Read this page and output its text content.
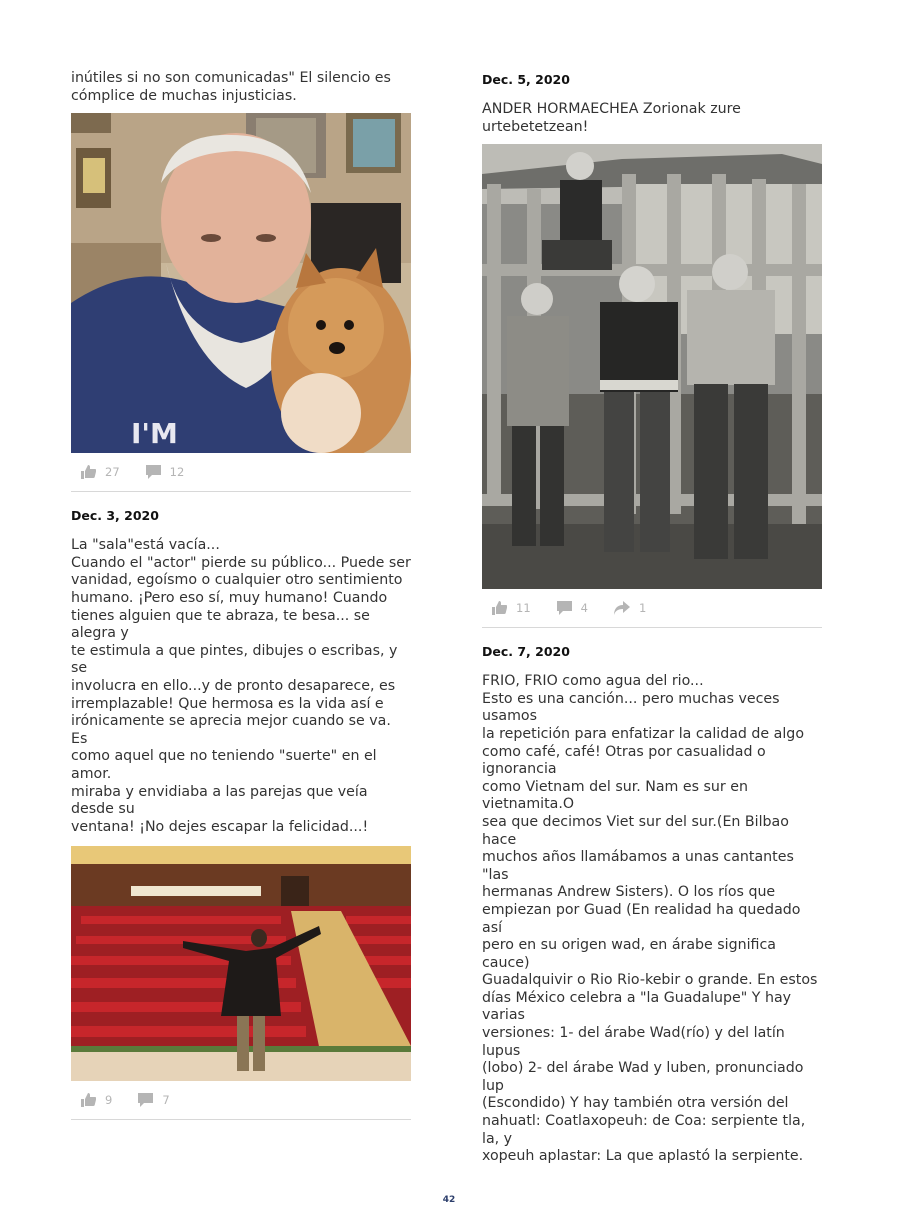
inútiles si no son comunicadas" El silencio es
cómplice de muchas injusticias.

I'M
27	12

Dec. 3, 2020

La "sala"está vacía...
Cuando el "actor" pierde su público... Puede ser
vanidad, egoísmo o cualquier otro sentimiento
humano. ¡Pero eso sí, muy humano! Cuando
tienes alguien que te abraza, te besa... se alegra y
te estimula a que pintes, dibujes o escribas, y se
involucra en ello...y de pronto desaparece, es
irremplazable! Que hermosa es la vida así e
irónicamente se aprecia mejor cuando se va. Es
como aquel que no teniendo "suerte" en el amor.
miraba y envidiaba a las parejas que veía desde su
ventana! ¡No dejes escapar la felicidad...!

9	7

Dec. 5, 2020

ANDER HORMAECHEA Zorionak zure
urtebetetzean!

11	4	1

Dec. 7, 2020

FRIO, FRIO como agua del rio...
Esto es una canción... pero muchas veces usamos
la repetición para enfatizar la calidad de algo
como café, café! Otras por casualidad o ignorancia
como Vietnam del sur. Nam es sur en vietnamita.O
sea que decimos Viet sur del sur.(En Bilbao hace
muchos años llamábamos a unas cantantes "las
hermanas Andrew Sisters). O los ríos que
empiezan por Guad (En realidad ha quedado así
pero en su origen wad, en árabe significa cauce)
Guadalquivir o Rio Rio-kebir o grande. En estos
días México celebra a "la Guadalupe" Y hay varias
versiones: 1- del árabe Wad(río) y del latín lupus
(lobo) 2- del árabe Wad y luben, pronunciado lup
(Escondido) Y hay también otra versión del
nahuatl: Coatlaxopeuh: de Coa: serpiente tla, la, y
xopeuh aplastar: La que aplastó la serpiente.

42
